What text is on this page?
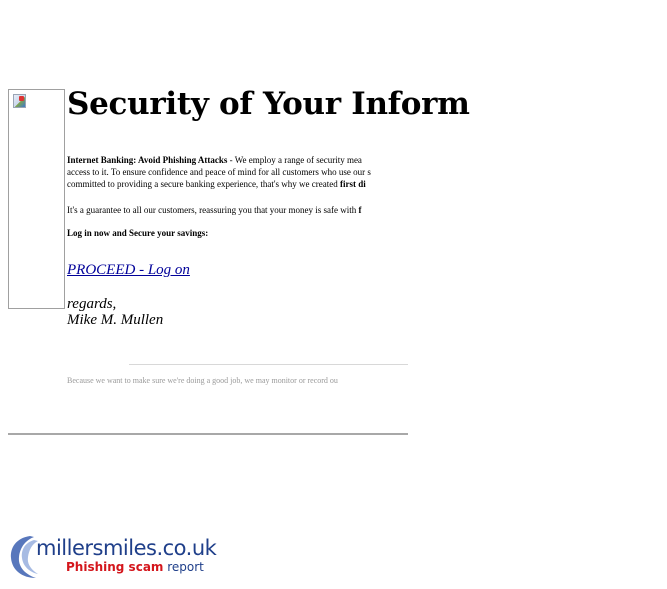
Security of Your Inform
Internet Banking: Avoid Phishing Attacks - We employ a range of security mea
access to it. To ensure confidence and peace of mind for all customers who use our s
committed to providing a secure banking experience, that's why we created first di
It's a guarantee to all our customers, reassuring you that your money is safe with f
Log in now and Secure your savings:
PROCEED - Log on
regards,
Mike M. Mullen
Because we want to make sure we're doing a good job, we may monitor or record ou
millersmiles.co.uk
Phishing scam report
